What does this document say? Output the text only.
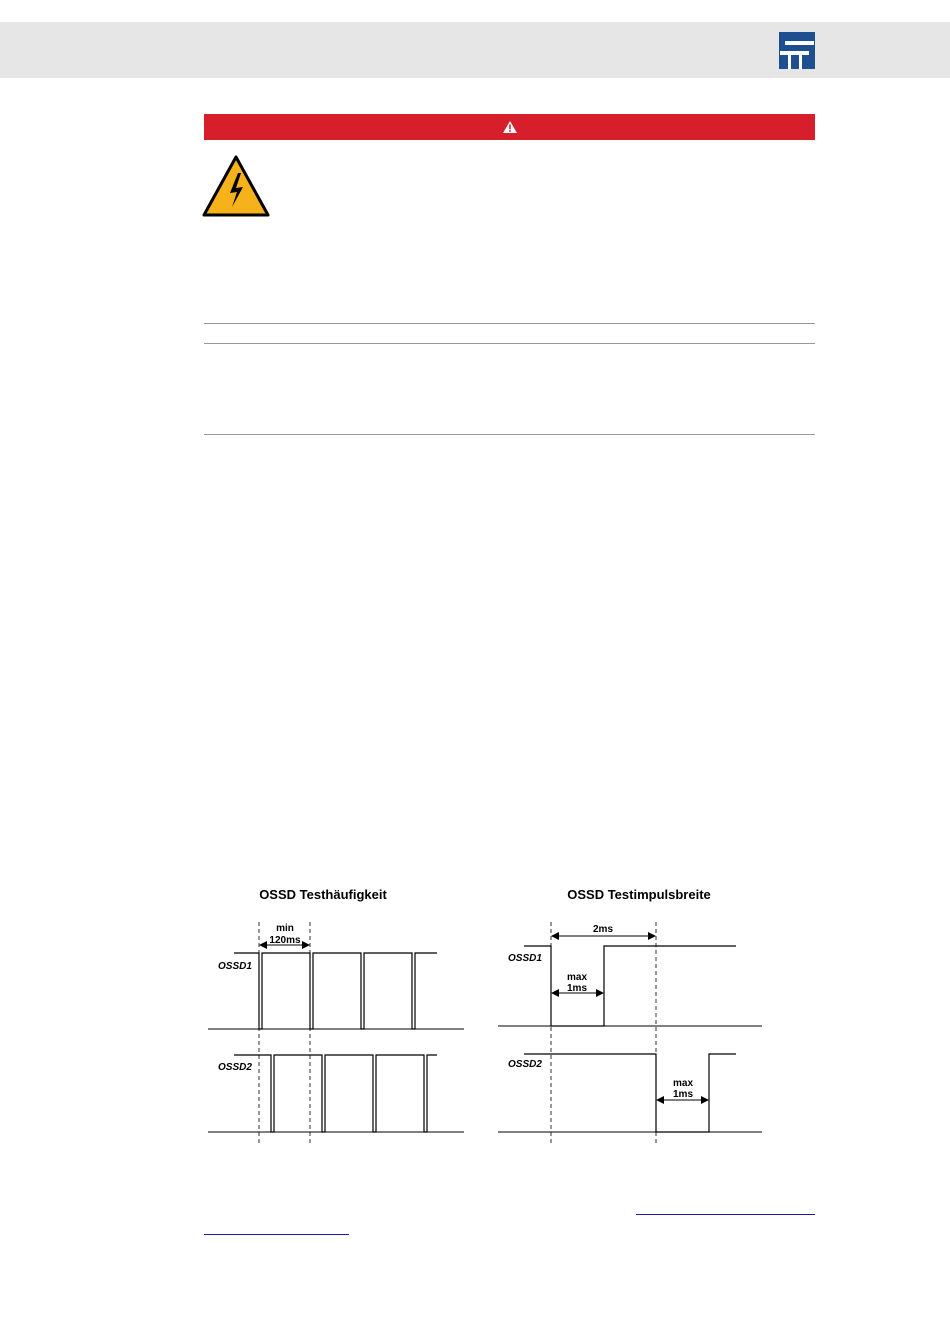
OSSD Testhäufigkeit	OSSD Testimpulsbreite
OSSD1
OSSD2
min
120ms
OSSD1
OSSD2
2ms
max
1ms
max
1ms
